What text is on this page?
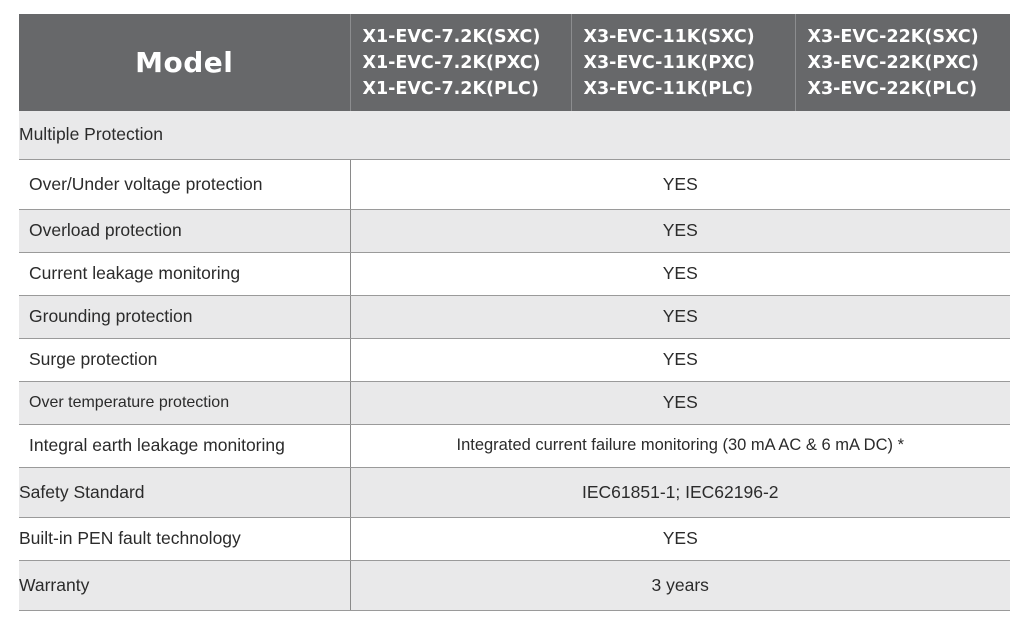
Model	X1-EVC-7.2K(SXC)
X1-EVC-7.2K(PXC)
X1-EVC-7.2K(PLC)	X3-EVC-11K(SXC)
X3-EVC-11K(PXC)
X3-EVC-11K(PLC)	X3-EVC-22K(SXC)
X3-EVC-22K(PXC)
X3-EVC-22K(PLC)

Multiple Protection			
Over/Under voltage protection	YES		
Overload protection	YES		
Current leakage monitoring	YES		
Grounding protection	YES		
Surge protection	YES		
Over temperature protection	YES		
Integral earth leakage monitoring	Integrated current failure monitoring (30 mA AC & 6 mA DC) *		
Safety Standard	IEC61851-1; IEC62196-2		
Built-in PEN fault technology	YES		
Warranty	3 years		
